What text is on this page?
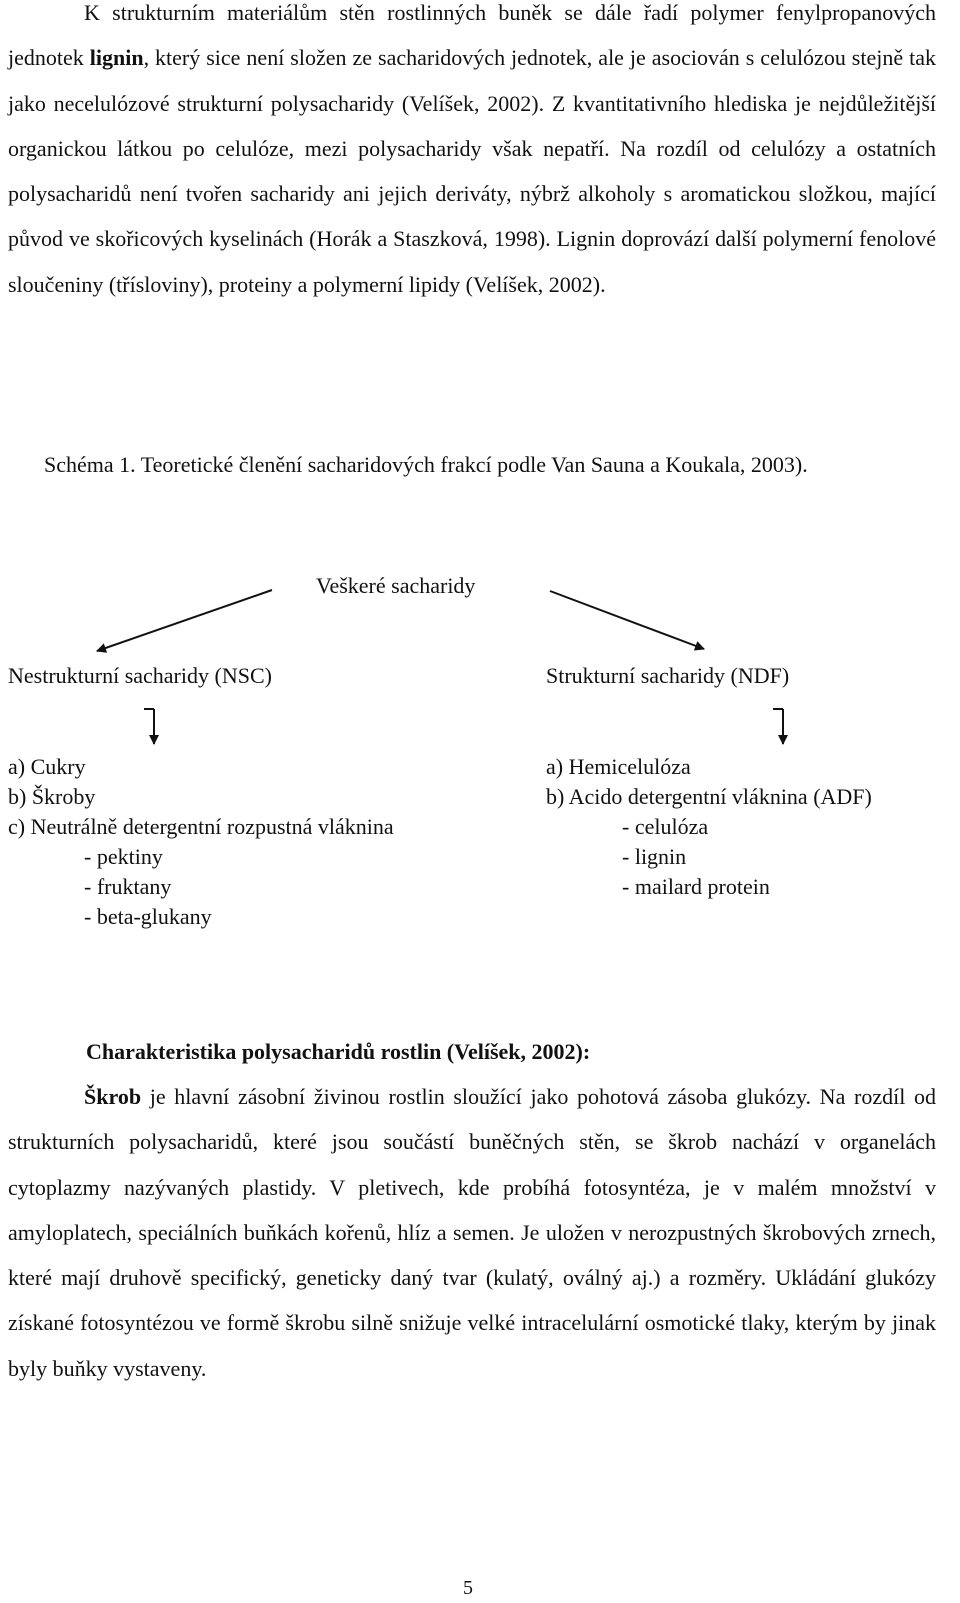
K strukturním materiálům stěn rostlinných buněk se dále řadí polymer fenylpropanových jednotek lignin, který sice není složen ze sacharidových jednotek, ale je asociován s celulózou stejně tak jako necelulózové strukturní polysacharidy (Velíšek, 2002). Z kvantitativního hlediska je nejdůležitější organickou látkou po celulóze, mezi polysacharidy však nepatří. Na rozdíl od celulózy a ostatních polysacharidů není tvořen sacharidy ani jejich deriváty, nýbrž alkoholy s aromatickou složkou, mající původ ve skořicových kyselinách (Horák a Staszková, 1998). Lignin doprovází další polymerní fenolové sloučeniny (třísloviny), proteiny a polymerní lipidy (Velíšek, 2002).

Schéma 1. Teoretické členění sacharidových frakcí podle Van Sauna a Koukala, 2003).

Veškeré sacharidy
Nestrukturní sacharidy (NSC)	Strukturní sacharidy (NDF)
a) Cukry
b) Škroby
c) Neutrálně detergentní rozpustná vláknina
- pektiny
- fruktany
- beta-glukany
a) Hemicelulóza
b) Acido detergentní vláknina (ADF)
- celulóza
- lignin
- mailard protein
Charakteristika polysacharidů rostlin (Velíšek, 2002):

Škrob je hlavní zásobní živinou rostlin sloužící jako pohotová zásoba glukózy. Na rozdíl od strukturních polysacharidů, které jsou součástí buněčných stěn, se škrob nachází v organelách cytoplazmy nazývaných plastidy. V pletivech, kde probíhá fotosyntéza, je v malém množství v amyloplatech, speciálních buňkách kořenů, hlíz a semen. Je uložen v nerozpustných škrobových zrnech, které mají druhově specifický, geneticky daný tvar (kulatý, oválný aj.) a rozměry. Ukládání glukózy získané fotosyntézou ve formě škrobu silně snižuje velké intracelulární osmotické tlaky, kterým by jinak byly buňky vystaveny.

5
